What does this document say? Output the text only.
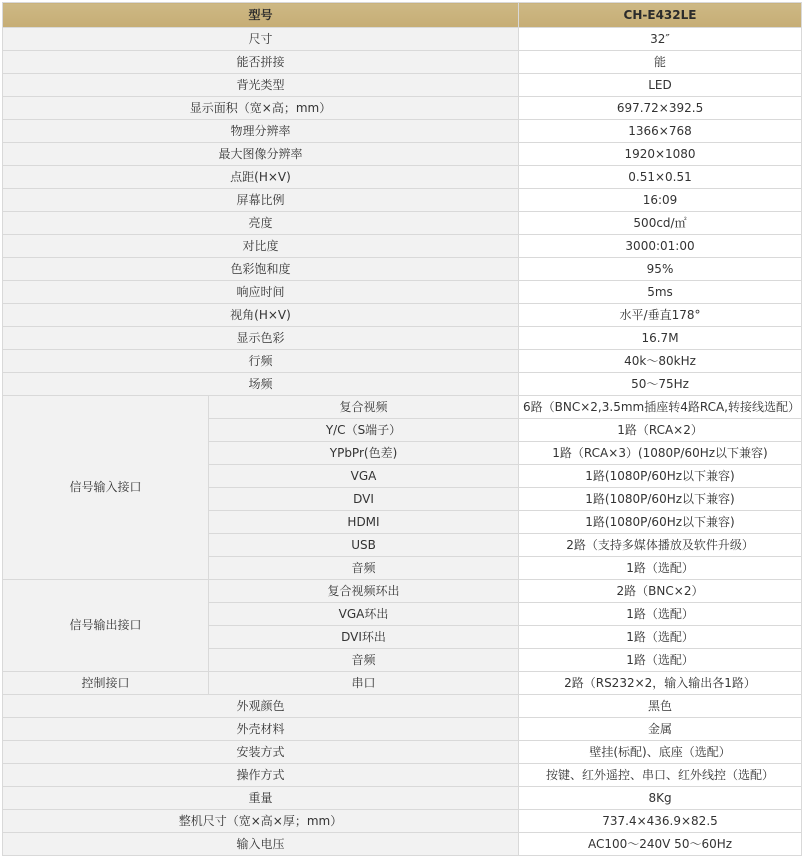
型号		CH-E432LE
尺寸		32″
能否拼接		能
背光类型		LED
显示面积（宽×高；mm）		697.72×392.5
物理分辨率		1366×768
最大图像分辨率		1920×1080
点距(H×V)		0.51×0.51
屏幕比例		16:09
亮度		500cd/㎡
对比度		3000:01:00
色彩饱和度		95%
响应时间		5ms
视角(H×V)		水平/垂直178°
显示色彩		16.7M
行频		40k～80kHz
场频		50～75Hz
信号输入接口	复合视频	6路（BNC×2,3.5mm插座转4路RCA,转接线选配）
	Y/C（S端子）	1路（RCA×2）
	YPbPr(色差)	1路（RCA×3）(1080P/60Hz以下兼容)
	VGA	1路(1080P/60Hz以下兼容)
	DVI	1路(1080P/60Hz以下兼容)
	HDMI	1路(1080P/60Hz以下兼容)
	USB	2路（支持多媒体播放及软件升级）
	音频	1路（选配）
信号输出接口	复合视频环出	2路（BNC×2）
	VGA环出	1路（选配）
	DVI环出	1路（选配）
	音频	1路（选配）
控制接口	串口	2路（RS232×2，输入输出各1路）
外观颜色		黑色
外壳材料		金属
安装方式		壁挂(标配)、底座（选配）
操作方式		按键、红外遥控、串口、红外线控（选配）
重量		8Kg
整机尺寸（宽×高×厚；mm）		737.4×436.9×82.5
输入电压		AC100～240V 50～60Hz
